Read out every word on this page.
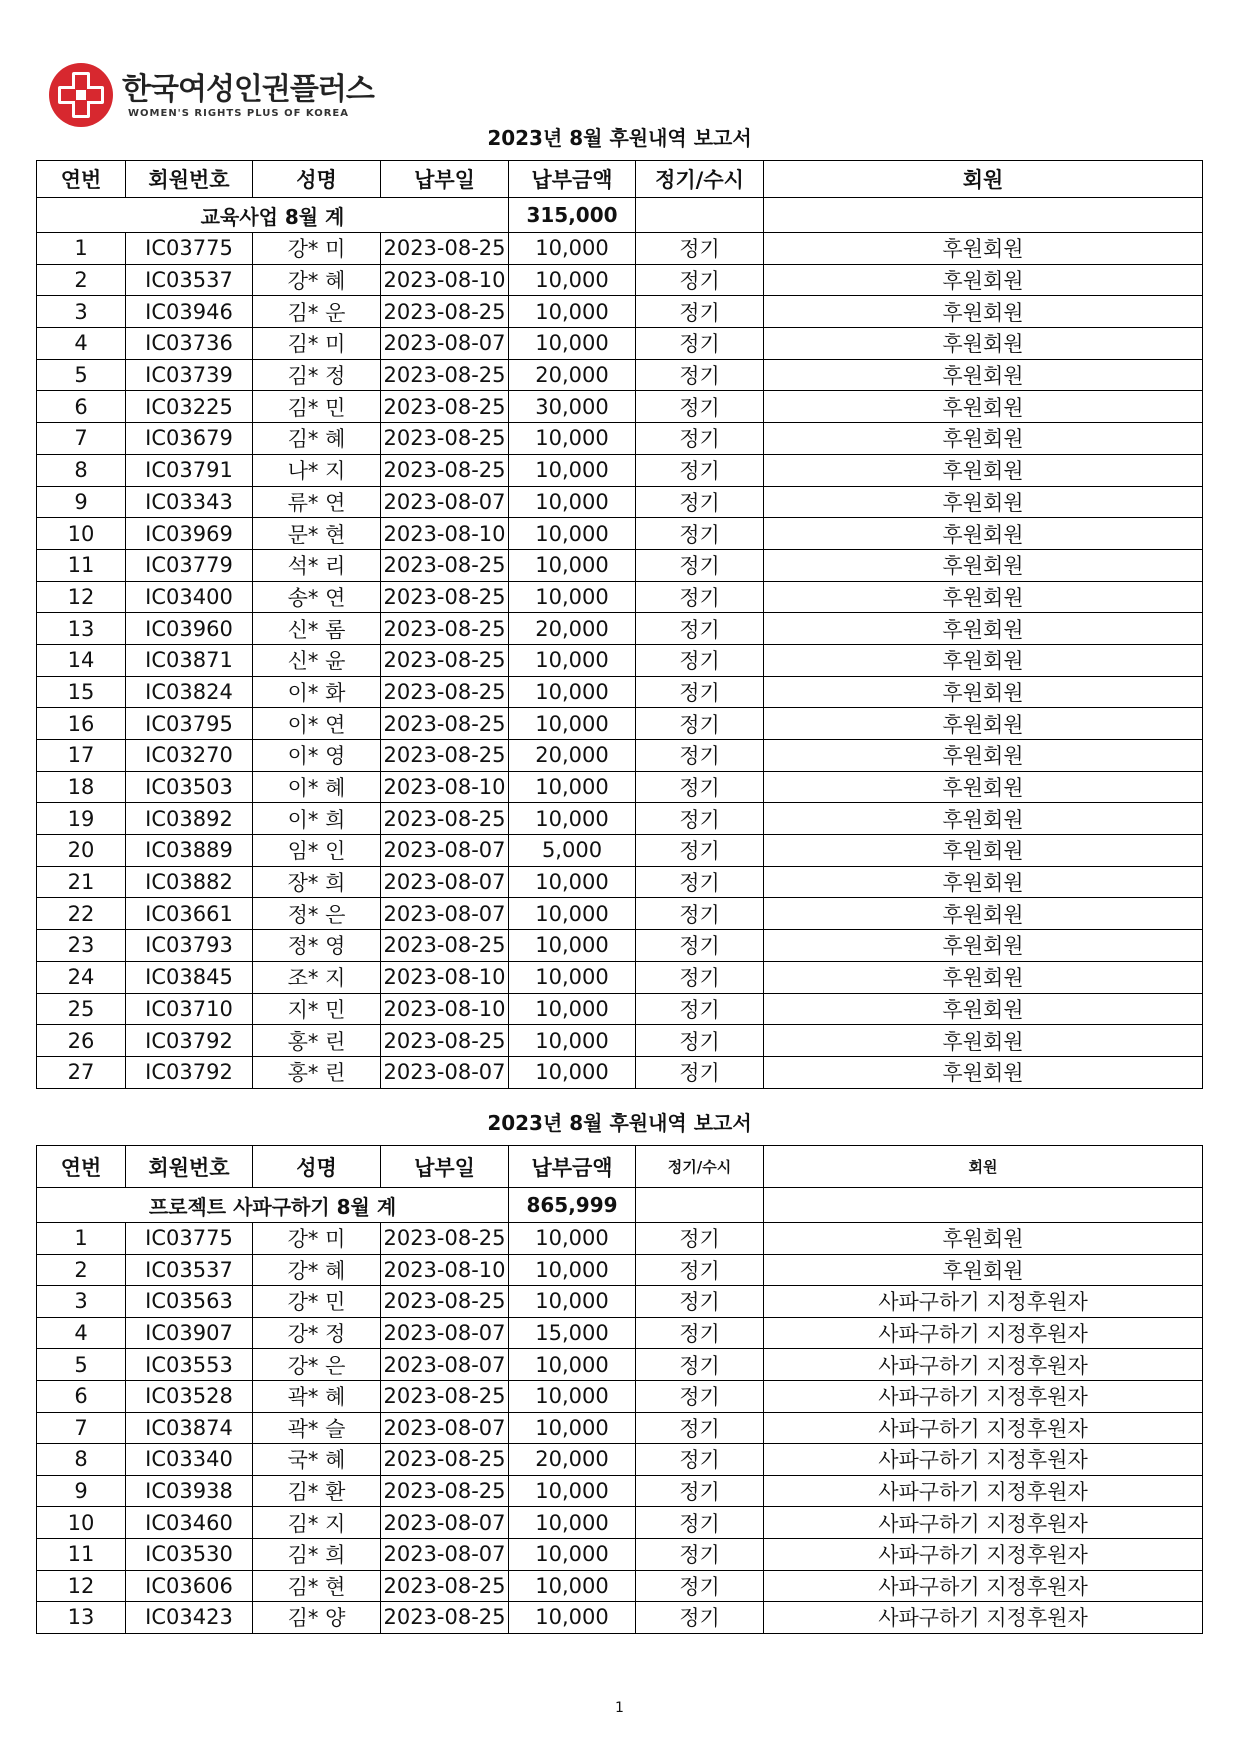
한국여성인권플러스
WOMEN'S RIGHTS PLUS OF KOREA
2023년 8월 후원내역 보고서
연번	회원번호	성명	납부일	납부금액	정기/수시	회원
교육사업 8월 계				315,000		
1	IC03775	강* 미	2023-08-25	10,000	정기	후원회원
2	IC03537	강* 혜	2023-08-10	10,000	정기	후원회원
3	IC03946	김* 운	2023-08-25	10,000	정기	후원회원
4	IC03736	김* 미	2023-08-07	10,000	정기	후원회원
5	IC03739	김* 정	2023-08-25	20,000	정기	후원회원
6	IC03225	김* 민	2023-08-25	30,000	정기	후원회원
7	IC03679	김* 혜	2023-08-25	10,000	정기	후원회원
8	IC03791	나* 지	2023-08-25	10,000	정기	후원회원
9	IC03343	류* 연	2023-08-07	10,000	정기	후원회원
10	IC03969	문* 현	2023-08-10	10,000	정기	후원회원
11	IC03779	석* 리	2023-08-25	10,000	정기	후원회원
12	IC03400	송* 연	2023-08-25	10,000	정기	후원회원
13	IC03960	신* 롬	2023-08-25	20,000	정기	후원회원
14	IC03871	신* 윤	2023-08-25	10,000	정기	후원회원
15	IC03824	이* 화	2023-08-25	10,000	정기	후원회원
16	IC03795	이* 연	2023-08-25	10,000	정기	후원회원
17	IC03270	이* 영	2023-08-25	20,000	정기	후원회원
18	IC03503	이* 혜	2023-08-10	10,000	정기	후원회원
19	IC03892	이* 희	2023-08-25	10,000	정기	후원회원
20	IC03889	임* 인	2023-08-07	5,000	정기	후원회원
21	IC03882	장* 희	2023-08-07	10,000	정기	후원회원
22	IC03661	정* 은	2023-08-07	10,000	정기	후원회원
23	IC03793	정* 영	2023-08-25	10,000	정기	후원회원
24	IC03845	조* 지	2023-08-10	10,000	정기	후원회원
25	IC03710	지* 민	2023-08-10	10,000	정기	후원회원
26	IC03792	홍* 린	2023-08-25	10,000	정기	후원회원
27	IC03792	홍* 린	2023-08-07	10,000	정기	후원회원
2023년 8월 후원내역 보고서
연번	회원번호	성명	납부일	납부금액	정기/수시	회원
프로젝트 사파구하기 8월 계				865,999		
1	IC03775	강* 미	2023-08-25	10,000	정기	후원회원
2	IC03537	강* 혜	2023-08-10	10,000	정기	후원회원
3	IC03563	강* 민	2023-08-25	10,000	정기	사파구하기 지정후원자
4	IC03907	강* 정	2023-08-07	15,000	정기	사파구하기 지정후원자
5	IC03553	강* 은	2023-08-07	10,000	정기	사파구하기 지정후원자
6	IC03528	곽* 혜	2023-08-25	10,000	정기	사파구하기 지정후원자
7	IC03874	곽* 슬	2023-08-07	10,000	정기	사파구하기 지정후원자
8	IC03340	국* 혜	2023-08-25	20,000	정기	사파구하기 지정후원자
9	IC03938	김* 환	2023-08-25	10,000	정기	사파구하기 지정후원자
10	IC03460	김* 지	2023-08-07	10,000	정기	사파구하기 지정후원자
11	IC03530	김* 희	2023-08-07	10,000	정기	사파구하기 지정후원자
12	IC03606	김* 현	2023-08-25	10,000	정기	사파구하기 지정후원자
13	IC03423	김* 양	2023-08-25	10,000	정기	사파구하기 지정후원자
1
